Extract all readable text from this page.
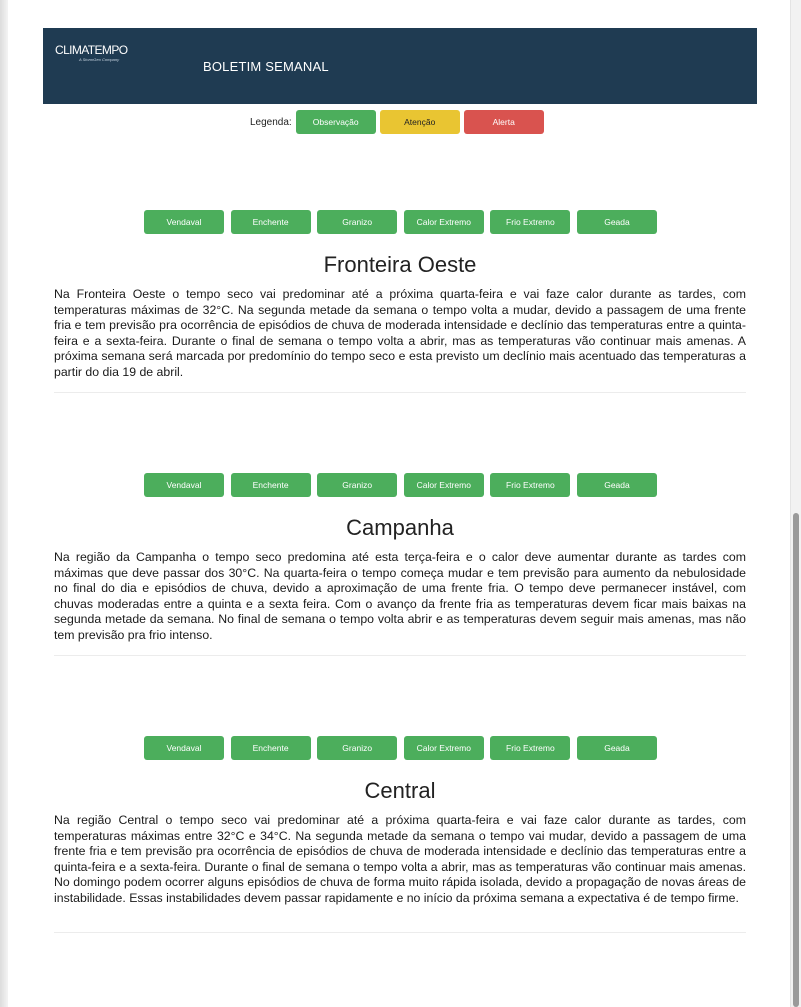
CLIMATEMPO
A StormGeo Company	BOLETIM SEMANAL
Legenda:	Observação	Atenção	Alerta
Vendaval	Enchente	Granizo	Calor Extremo	Frio Extremo	Geada
Fronteira Oeste

Na Fronteira Oeste o tempo seco vai predominar até a próxima quarta-feira e vai faze calor durante as tardes, com temperaturas máximas de 32°C. Na segunda metade da semana o tempo volta a mudar, devido a passagem de uma frente fria e tem previsão pra ocorrência de episódios de chuva de moderada intensidade e declínio das temperaturas entre a quinta-feira e a sexta-feira. Durante o final de semana o tempo volta a abrir, mas as temperaturas vão continuar mais amenas. A próxima semana será marcada por predomínio do tempo seco e esta previsto um declínio mais acentuado das temperaturas a partir do dia 19 de abril.

Vendaval	Enchente	Granizo	Calor Extremo	Frio Extremo	Geada
Campanha

Na região da Campanha o tempo seco predomina até esta terça-feira e o calor deve aumentar durante as tardes com máximas que deve passar dos 30°C. Na quarta-feira o tempo começa mudar e tem previsão para aumento da nebulosidade no final do dia e episódios de chuva, devido a aproximação de uma frente fria. O tempo deve permanecer instável, com chuvas moderadas entre a quinta e a sexta feira. Com o avanço da frente fria as temperaturas devem ficar mais baixas na segunda metade da semana. No final de semana o tempo volta abrir e as temperaturas devem seguir mais amenas, mas não tem previsão pra frio intenso.

Vendaval	Enchente	Granizo	Calor Extremo	Frio Extremo	Geada
Central

Na região Central o tempo seco vai predominar até a próxima quarta-feira e vai faze calor durante as tardes, com temperaturas máximas entre 32°C e 34°C. Na segunda metade da semana o tempo vai mudar, devido a passagem de uma frente fria e tem previsão pra ocorrência de episódios de chuva de moderada intensidade e declínio das temperaturas entre a quinta-feira e a sexta-feira. Durante o final de semana o tempo volta a abrir, mas as temperaturas vão continuar mais amenas. No domingo podem ocorrer alguns episódios de chuva de forma muito rápida isolada, devido a propagação de novas áreas de instabilidade. Essas instabilidades devem passar rapidamente e no início da próxima semana a expectativa é de tempo firme.
